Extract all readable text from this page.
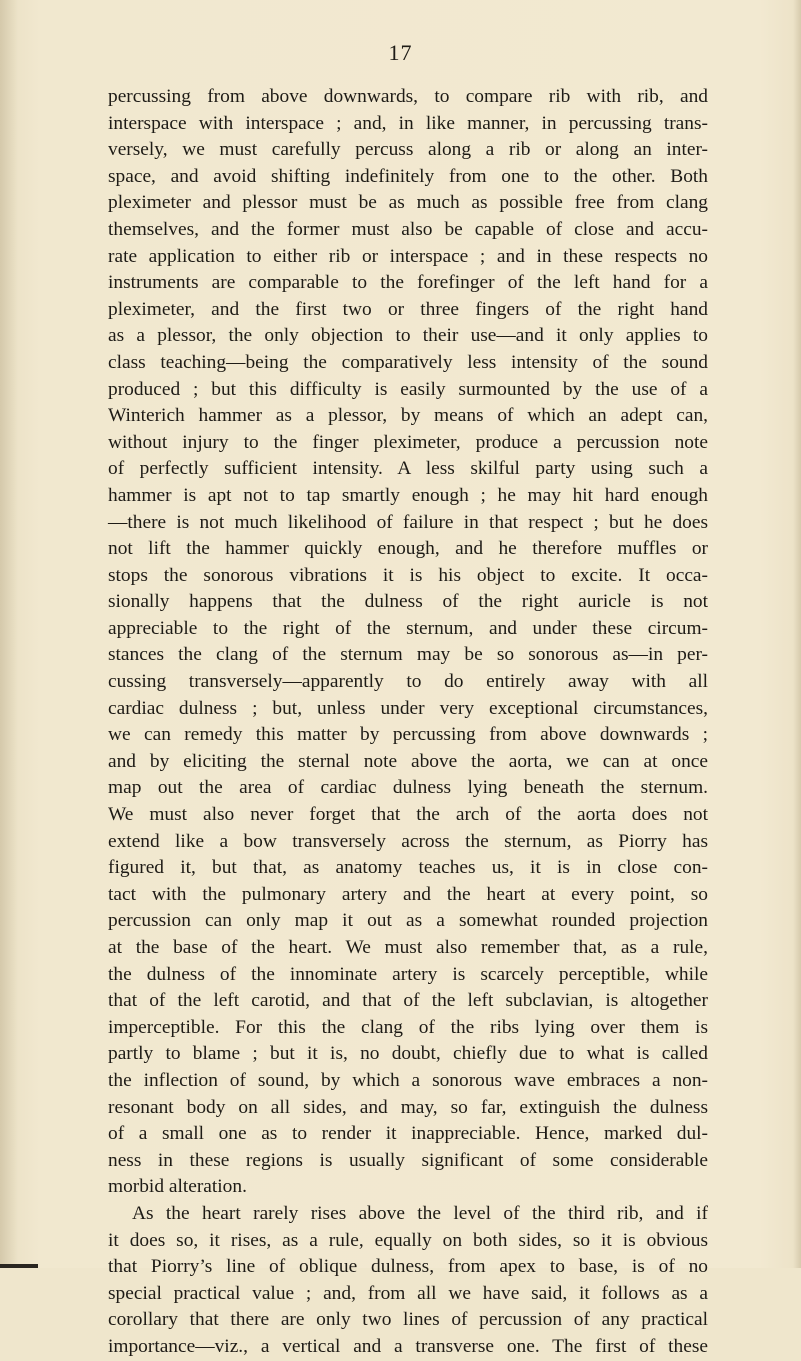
17
percussing from above downwards, to compare rib with rib, and
interspace with interspace ; and, in like manner, in percussing trans-
versely, we must carefully percuss along a rib or along an inter-
space, and avoid shifting indefinitely from one to the other. Both
pleximeter and plessor must be as much as possible free from clang
themselves, and the former must also be capable of close and accu-
rate application to either rib or interspace ; and in these respects no
instruments are comparable to the forefinger of the left hand for a
pleximeter, and the first two or three fingers of the right hand
as a plessor, the only objection to their use—and it only applies to
class teaching—being the comparatively less intensity of the sound
produced ; but this difficulty is easily surmounted by the use of a
Winterich hammer as a plessor, by means of which an adept can,
without injury to the finger pleximeter, produce a percussion note
of perfectly sufficient intensity. A less skilful party using such a
hammer is apt not to tap smartly enough ; he may hit hard enough
—there is not much likelihood of failure in that respect ; but he does
not lift the hammer quickly enough, and he therefore muffles or
stops the sonorous vibrations it is his object to excite. It occa-
sionally happens that the dulness of the right auricle is not
appreciable to the right of the sternum, and under these circum-
stances the clang of the sternum may be so sonorous as—in per-
cussing transversely—apparently to do entirely away with all
cardiac dulness ; but, unless under very exceptional circumstances,
we can remedy this matter by percussing from above downwards ;
and by eliciting the sternal note above the aorta, we can at once
map out the area of cardiac dulness lying beneath the sternum.
We must also never forget that the arch of the aorta does not
extend like a bow transversely across the sternum, as Piorry has
figured it, but that, as anatomy teaches us, it is in close con-
tact with the pulmonary artery and the heart at every point, so
percussion can only map it out as a somewhat rounded projection
at the base of the heart. We must also remember that, as a rule,
the dulness of the innominate artery is scarcely perceptible, while
that of the left carotid, and that of the left subclavian, is altogether
imperceptible. For this the clang of the ribs lying over them is
partly to blame ; but it is, no doubt, chiefly due to what is called
the inflection of sound, by which a sonorous wave embraces a non-
resonant body on all sides, and may, so far, extinguish the dulness
of a small one as to render it inappreciable. Hence, marked dul-
ness in these regions is usually significant of some considerable
morbid alteration.
As the heart rarely rises above the level of the third rib, and if
it does so, it rises, as a rule, equally on both sides, so it is obvious
that Piorry’s line of oblique dulness, from apex to base, is of no
special practical value ; and, from all we have said, it follows as a
corollary that there are only two lines of percussion of any practical
importance—viz., a vertical and a transverse one. The first of these
